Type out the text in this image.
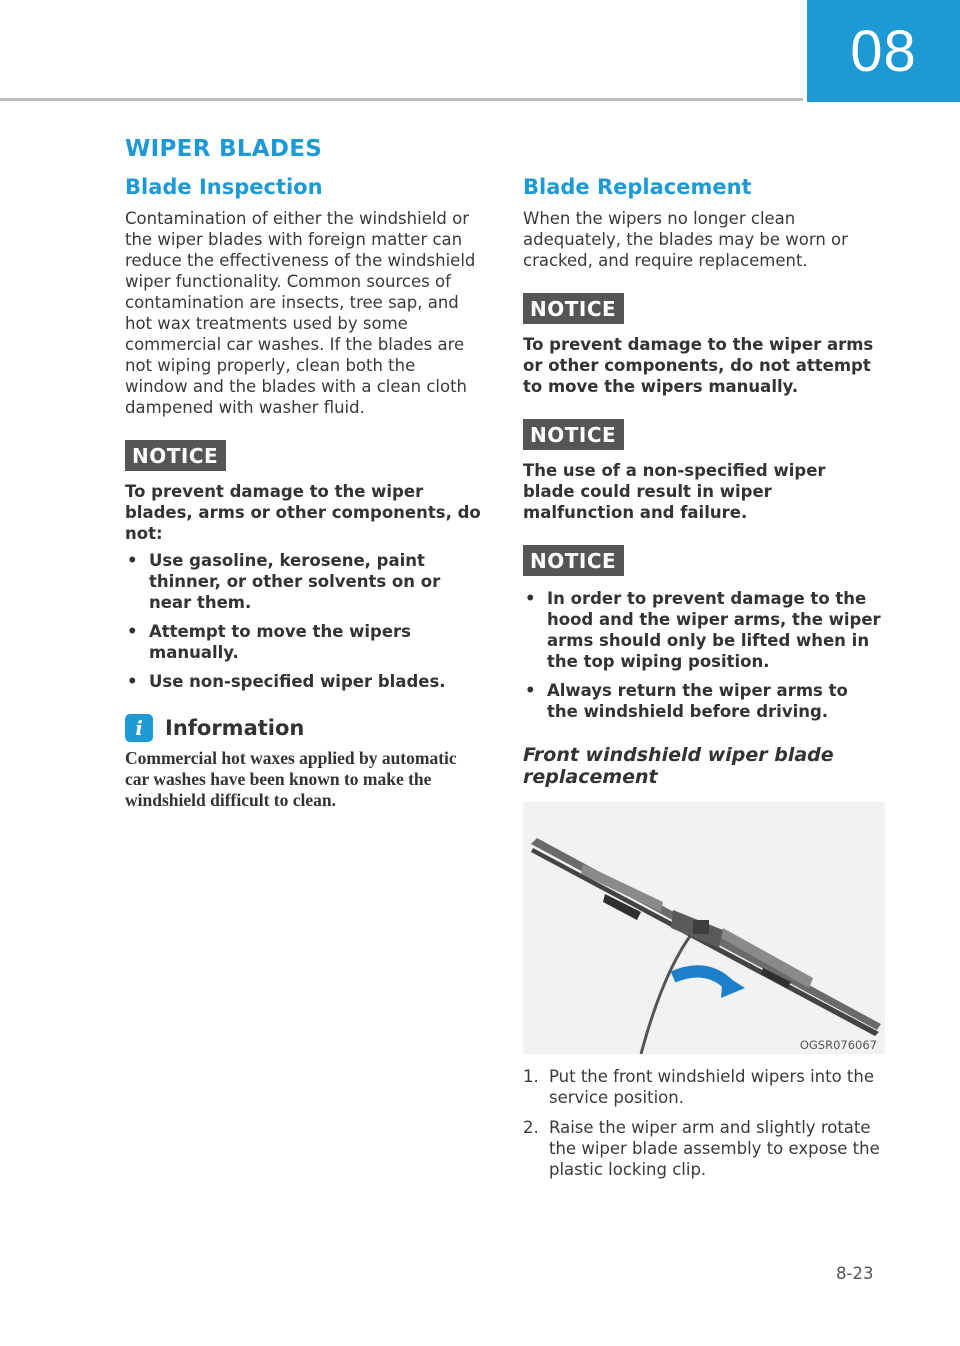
08
WIPER BLADES
Blade Inspection

Contamination of either the windshield or the wiper blades with foreign matter can reduce the effectiveness of the windshield wiper functionality. Common sources of contamination are insects, tree sap, and hot wax treatments used by some commercial car washes. If the blades are not wiping properly, clean both the window and the blades with a clean cloth dampened with washer fluid.

NOTICE

To prevent damage to the wiper blades, arms or other components, do not:

• Use gasoline, kerosene, paint thinner, or other solvents on or near them.
• Attempt to move the wipers manually.
• Use non-specified wiper blades.
i	Information

Commercial hot waxes applied by automatic car washes have been known to make the windshield difficult to clean.

Blade Replacement

When the wipers no longer clean adequately, the blades may be worn or cracked, and require replacement.

NOTICE

To prevent damage to the wiper arms or other components, do not attempt to move the wipers manually.

NOTICE

The use of a non-specified wiper blade could result in wiper malfunction and failure.

NOTICE
• In order to prevent damage to the hood and the wiper arms, the wiper arms should only be lifted when in the top wiping position.
• Always return the wiper arms to the windshield before driving.

Front windshield wiper blade replacement

OGSR076067
1. Put the front windshield wipers into the service position.
2. Raise the wiper arm and slightly rotate the wiper blade assembly to expose the plastic locking clip.
8-23
